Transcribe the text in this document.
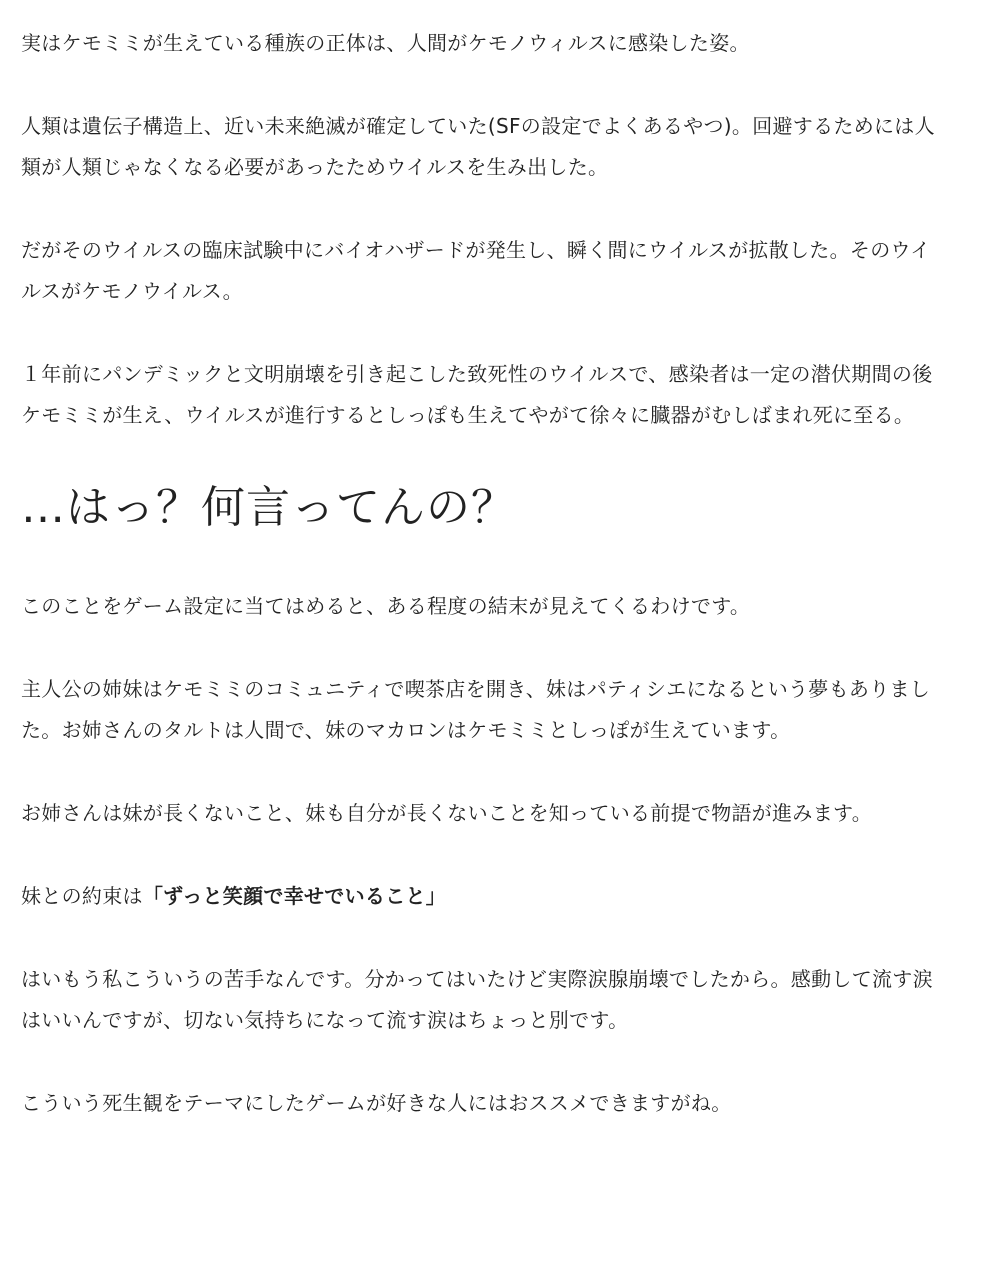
実はケモミミが生えている種族の正体は、人間がケモノウィルスに感染した姿。

人類は遺伝子構造上、近い未来絶滅が確定していた(SFの設定でよくあるやつ)。回避するためには人類が人類じゃなくなる必要があったためウイルスを生み出した。

だがそのウイルスの臨床試験中にバイオハザードが発生し、瞬く間にウイルスが拡散した。そのウイルスがケモノウイルス。

１年前にパンデミックと文明崩壊を引き起こした致死性のウイルスで、感染者は一定の潜伏期間の後ケモミミが生え、ウイルスが進行するとしっぽも生えてやがて徐々に臓器がむしばまれ死に至る。

…はっ？何言ってんの？

このことをゲーム設定に当てはめると、ある程度の結末が見えてくるわけです。

主人公の姉妹はケモミミのコミュニティで喫茶店を開き、妹はパティシエになるという夢もありました。お姉さんのタルトは人間で、妹のマカロンはケモミミとしっぽが生えています。

お姉さんは妹が長くないこと、妹も自分が長くないことを知っている前提で物語が進みます。

妹との約束は「ずっと笑顔で幸せでいること」

はいもう私こういうの苦手なんです。分かってはいたけど実際涙腺崩壊でしたから。感動して流す涙はいいんですが、切ない気持ちになって流す涙はちょっと別です。

こういう死生観をテーマにしたゲームが好きな人にはおススメできますがね。
